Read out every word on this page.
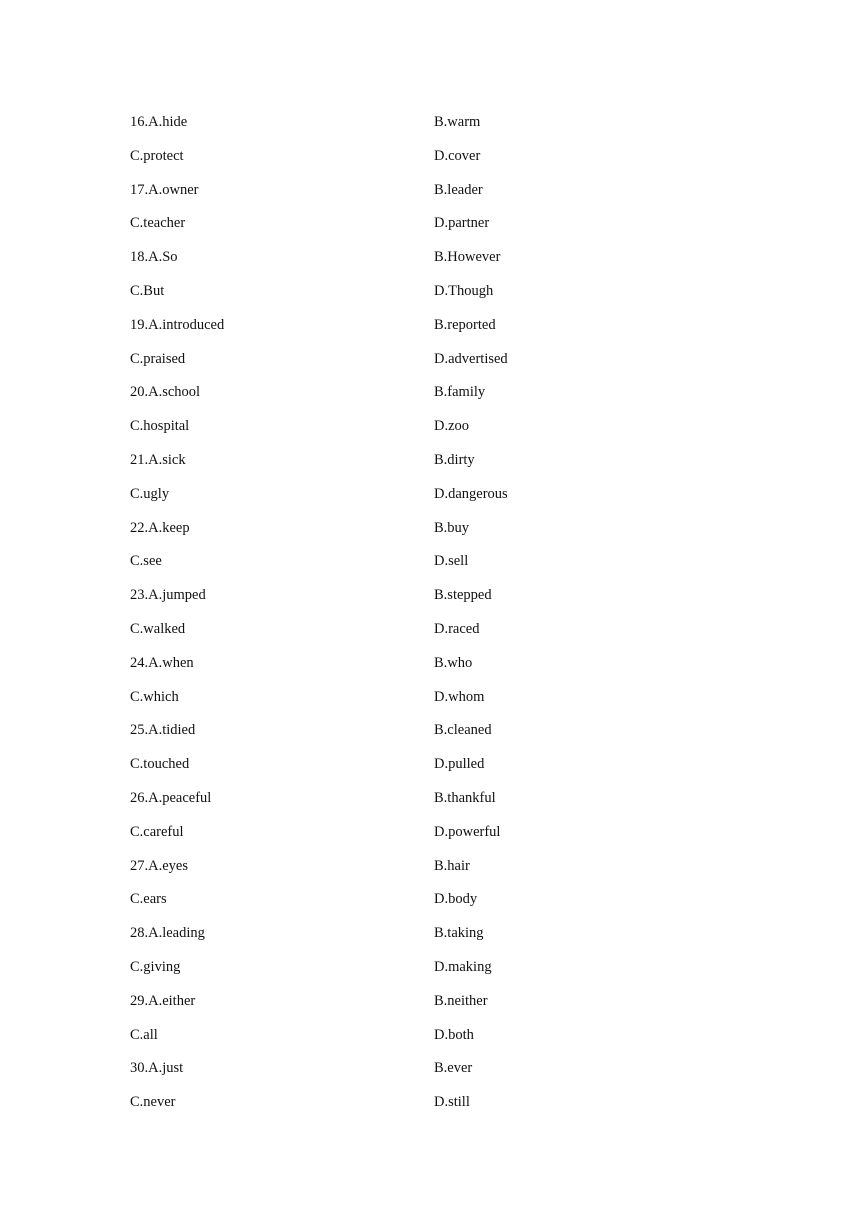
16.A.hide	B.warm
C.protect	D.cover
17.A.owner	B.leader
C.teacher	D.partner
18.A.So	B.However
C.But	D.Though
19.A.introduced	B.reported
C.praised	D.advertised
20.A.school	B.family
C.hospital	D.zoo
21.A.sick	B.dirty
C.ugly	D.dangerous
22.A.keep	B.buy
C.see	D.sell
23.A.jumped	B.stepped
C.walked	D.raced
24.A.when	B.who
C.which	D.whom
25.A.tidied	B.cleaned
C.touched	D.pulled
26.A.peaceful	B.thankful
C.careful	D.powerful
27.A.eyes	B.hair
C.ears	D.body
28.A.leading	B.taking
C.giving	D.making
29.A.either	B.neither
C.all	D.both
30.A.just	B.ever
C.never	D.still
